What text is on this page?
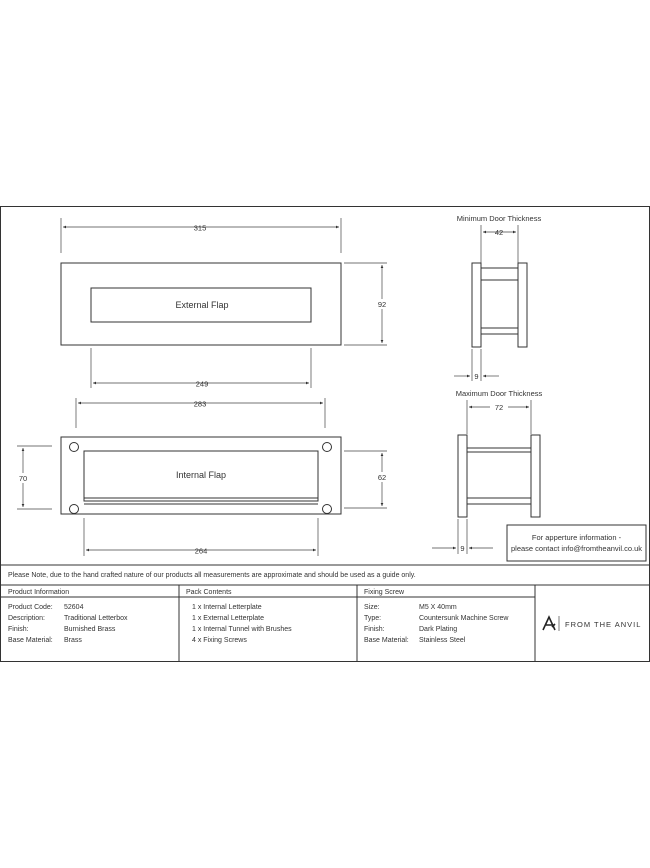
315
External Flap	92
249
283
Internal Flap
70	62
264
Minimum Door Thickness
42
9
Maximum Door Thickness
72
9
For apperture information -
please contact info@fromtheanvil.co.uk
Please Note, due to the hand crafted nature of our products all measurements are approximate and should be used as a guide only.
Product Information
Product Code: 52604
Description:	Traditional Letterbox
Finish:	Burnished Brass
Base Material: Brass
Pack Contents
1 x Internal Letterplate
1 x External Letterplate
1 x Internal Tunnel with Brushes
4 x Fixing Screws
Fixing Screw
Size:	M5 X 40mm
Type:	Countersunk Machine Screw
Finish:	Dark Plating
Base Material: Stainless Steel
FROM THE ANVIL
